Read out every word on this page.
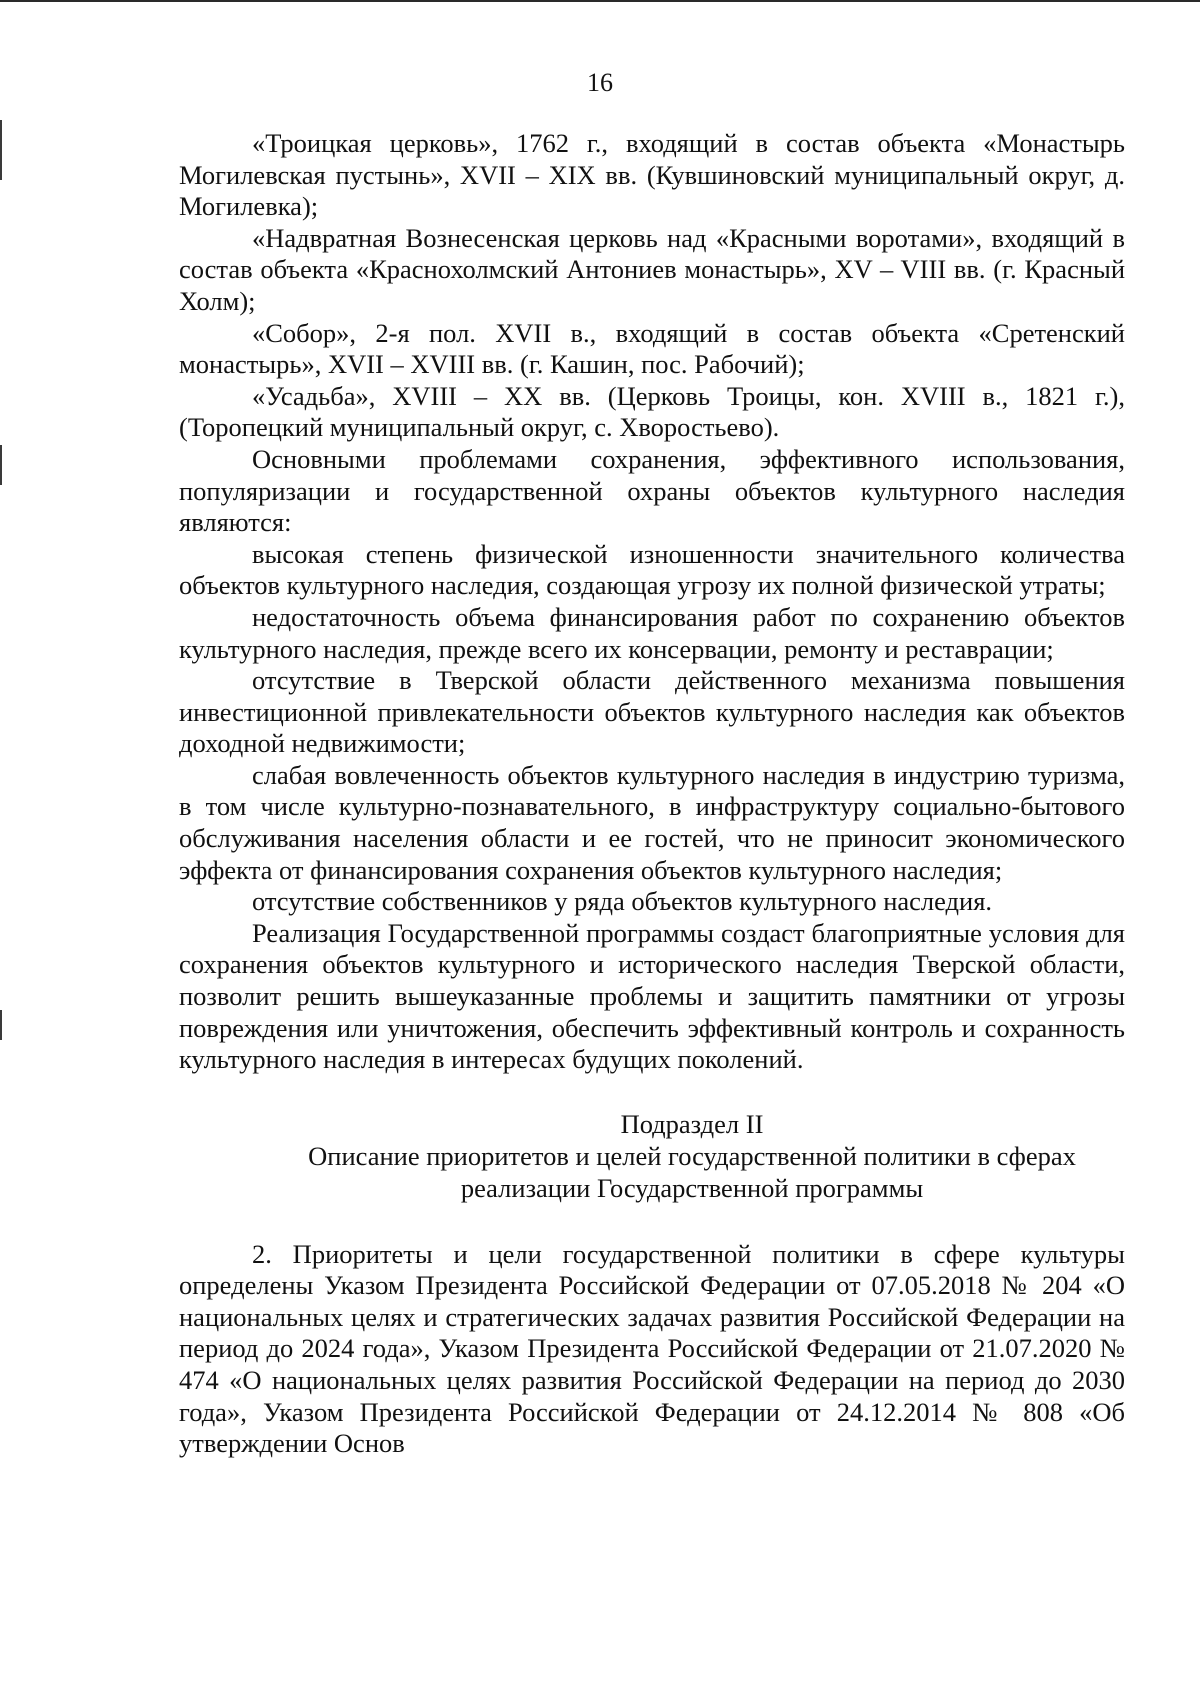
16

«Троицкая церковь», 1762 г., входящий в состав объекта «Монастырь Могилевская пустынь», XVII – XIX вв. (Кувшиновский муниципальный округ, д. Могилевка);

«Надвратная Вознесенская церковь над «Красными воротами», входящий в состав объекта «Краснохолмский Антониев монастырь», XV – VIII вв. (г. Красный Холм);

«Собор», 2-я пол. XVII в., входящий в состав объекта «Сретенский монастырь», XVII – XVIII вв. (г. Кашин, пос. Рабочий);

«Усадьба», XVIII – XX вв. (Церковь Троицы, кон. XVIII в., 1821 г.), (Торопецкий муниципальный округ, с. Хворостьево).

Основными проблемами сохранения, эффективного использования, популяризации и государственной охраны объектов культурного наследия являются:

высокая степень физической изношенности значительного количества объектов культурного наследия, создающая угрозу их полной физической утраты;

недостаточность объема финансирования работ по сохранению объектов культурного наследия, прежде всего их консервации, ремонту и реставрации;

отсутствие в Тверской области действенного механизма повышения инвестиционной привлекательности объектов культурного наследия как объектов доходной недвижимости;

слабая вовлеченность объектов культурного наследия в индустрию туризма, в том числе культурно-познавательного, в инфраструктуру социально-бытового обслуживания населения области и ее гостей, что не приносит экономического эффекта от финансирования сохранения объектов культурного наследия;

отсутствие собственников у ряда объектов культурного наследия.

Реализация Государственной программы создаст благоприятные условия для сохранения объектов культурного и исторического наследия Тверской области, позволит решить вышеуказанные проблемы и защитить памятники от угрозы повреждения или уничтожения, обеспечить эффективный контроль и сохранность культурного наследия в интересах будущих поколений.

Подраздел II

Описание приоритетов и целей государственной политики в сферах реализации Государственной программы

2. Приоритеты и цели государственной политики в сфере культуры определены Указом Президента Российской Федерации от 07.05.2018 № 204 «О национальных целях и стратегических задачах развития Российской Федерации на период до 2024 года», Указом Президента Российской Федерации от 21.07.2020 № 474 «О национальных целях развития Российской Федерации на период до 2030 года», Указом Президента Российской Федерации от 24.12.2014 № 808 «Об утверждении Основ
